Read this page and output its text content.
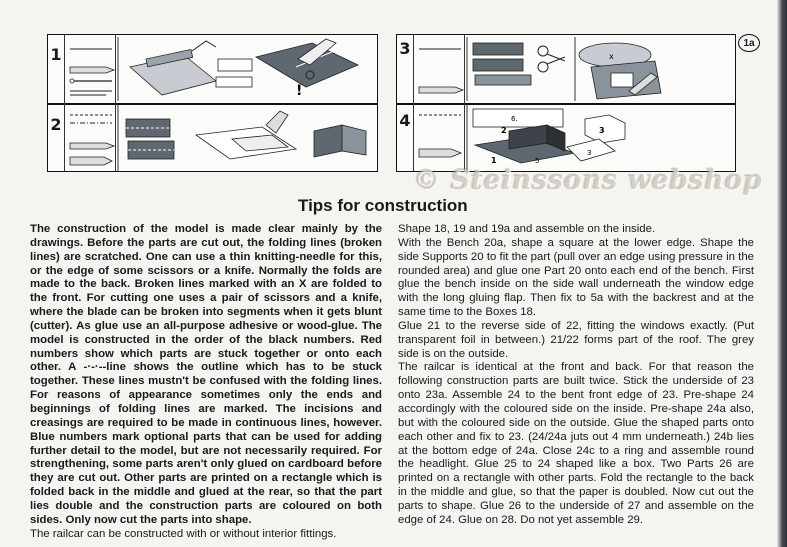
1
2
!
3
4
x
6.
2
1
3
3
5
1a
© Steinssons webshop
Tips for construction

The construction of the model is made clear mainly by the drawings. Before the parts are cut out, the folding lines (broken lines) are scratched. One can use a thin knitting-needle for this, or the edge of some scissors or a knife. Normally the folds are made to the back. Broken lines marked with an X are folded to the front. For cutting one uses a pair of scissors and a knife, where the blade can be broken into segments when it gets blunt (cutter). As glue use an all-purpose adhesive or wood-glue. The model is constructed in the order of the black numbers. Red numbers show which parts are stuck together or onto each other. A -·-·--line shows the outline which has to be stuck together. These lines mustn't be confused with the folding lines. For reasons of appearance sometimes only the ends and beginnings of folding lines are marked. The incisions and creasings are required to be made in continuous lines, however. Blue numbers mark optional parts that can be used for adding further detail to the model, but are not necessarily required. For strengthening, some parts aren't only glued on cardboard before they are cut out. Other parts are printed on a rectangle which is folded back in the middle and glued at the rear, so that the part lies double and the construction parts are coloured on both sides. Only now cut the parts into shape.

The railcar can be constructed with or without interior fittings.

Shape 18, 19 and 19a and assemble on the inside.

With the Bench 20a, shape a square at the lower edge. Shape the side Supports 20 to fit the part (pull over an edge using pressure in the rounded area) and glue one Part 20 onto each end of the bench. First glue the bench inside on the side wall underneath the window edge with the long gluing flap. Then fix to 5a with the backrest and at the same time to the Boxes 18.

Glue 21 to the reverse side of 22, fitting the windows exactly. (Put transparent foil in between.) 21/22 forms part of the roof. The grey side is on the outside.

The railcar is identical at the front and back. For that reason the following construction parts are built twice. Stick the underside of 23 onto 23a. Assemble 24 to the bent front edge of 23. Pre-shape 24 accordingly with the coloured side on the inside. Pre-shape 24a also, but with the coloured side on the outside. Glue the shaped parts onto each other and fix to 23. (24/24a juts out 4 mm underneath.) 24b lies at the bottom edge of 24a. Close 24c to a ring and assemble round the headlight. Glue 25 to 24 shaped like a box. Two Parts 26 are printed on a rectangle with other parts. Fold the rectangle to the back in the middle and glue, so that the paper is doubled. Now cut out the parts to shape. Glue 26 to the underside of 27 and assemble on the edge of 24. Glue on 28. Do not yet assemble 29.
